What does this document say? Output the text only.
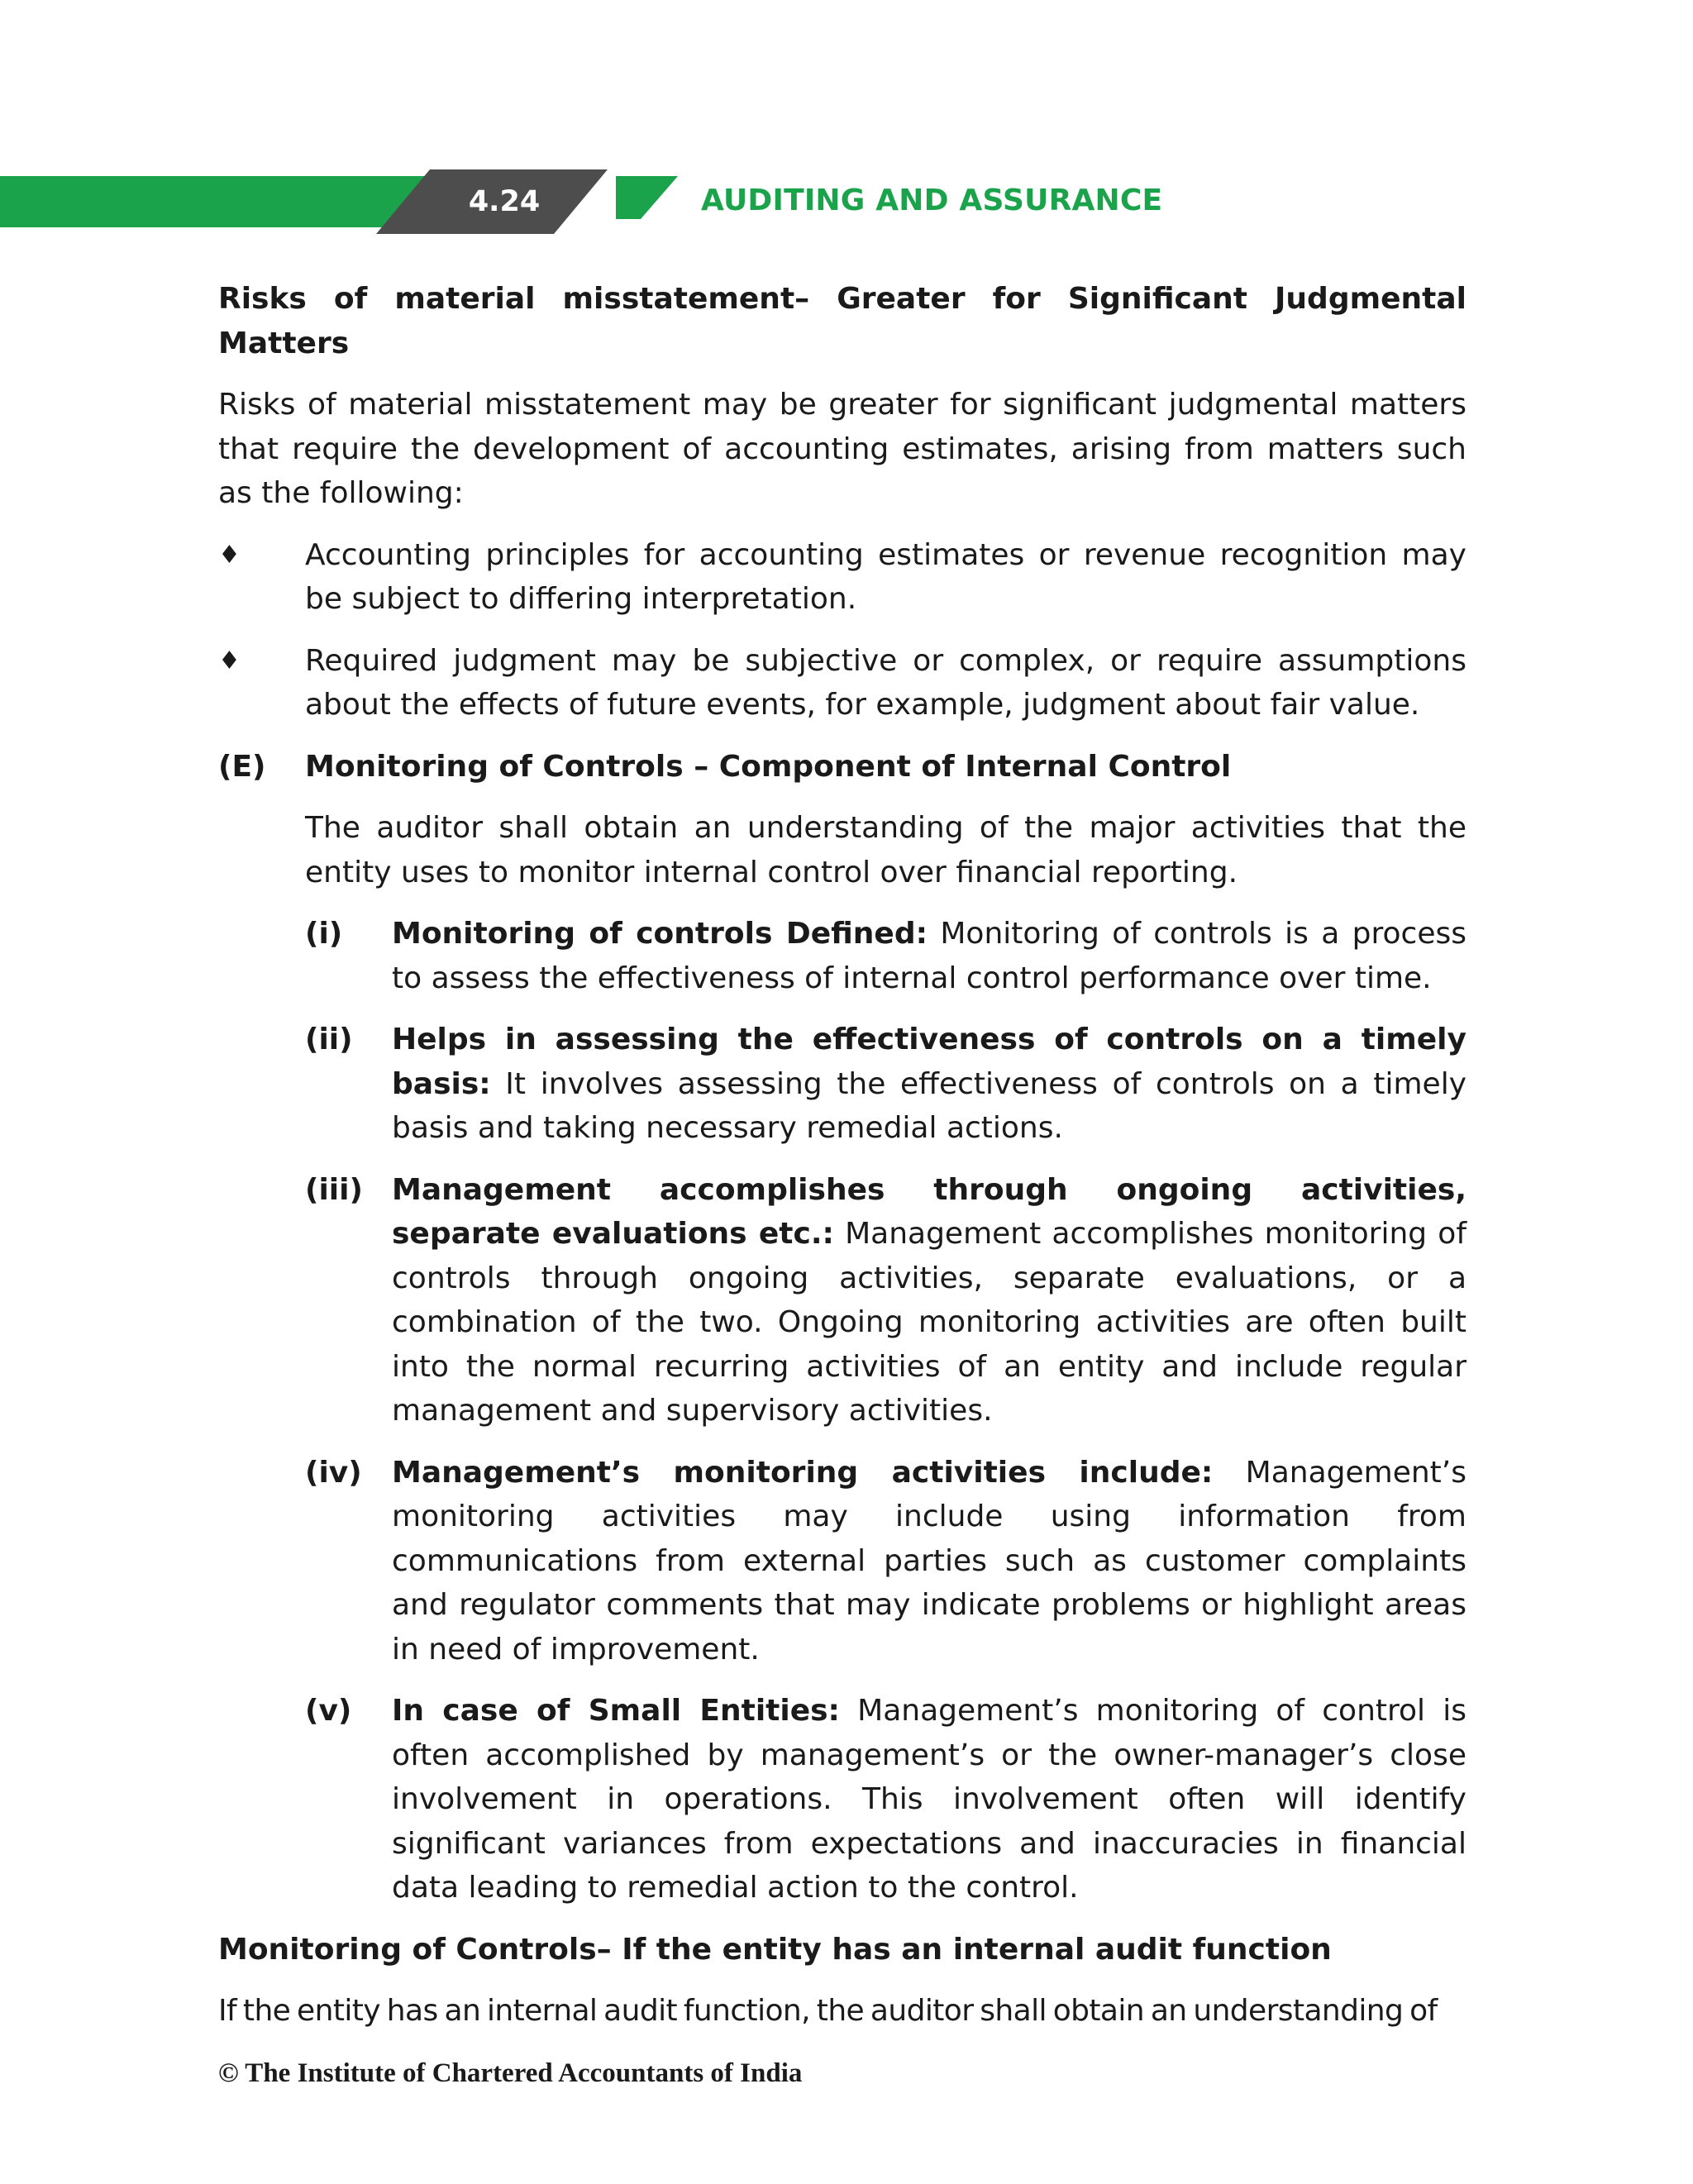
4.24	AUDITING AND ASSURANCE
Risks of material misstatement– Greater for Significant Judgmental Matters
Risks of material misstatement may be greater for significant judgmental matters that require the development of accounting estimates, arising from matters such as the following:
♦ Accounting principles for accounting estimates or revenue recognition may be subject to differing interpretation.
♦ Required judgment may be subjective or complex, or require assumptions about the effects of future events, for example, judgment about fair value.
(E) Monitoring of Controls – Component of Internal Control
The auditor shall obtain an understanding of the major activities that the entity uses to monitor internal control over financial reporting.
(i) Monitoring of controls Defined: Monitoring of controls is a process to assess the effectiveness of internal control performance over time.
(ii) Helps in assessing the effectiveness of controls on a timely basis: It involves assessing the effectiveness of controls on a timely basis and taking necessary remedial actions.
(iii) Management accomplishes through ongoing activities, separate evaluations etc.: Management accomplishes monitoring of controls through ongoing activities, separate evaluations, or a combination of the two. Ongoing monitoring activities are often built into the normal recurring activities of an entity and include regular management and supervisory activities.
(iv) Management’s monitoring activities include: Management’s monitoring activities may include using information from communications from external parties such as customer complaints and regulator comments that may indicate problems or highlight areas in need of improvement.
(v) In case of Small Entities: Management’s monitoring of control is often accomplished by management’s or the owner-manager’s close involvement in operations. This involvement often will identify significant variances from expectations and inaccuracies in financial data leading to remedial action to the control.
Monitoring of Controls– If the entity has an internal audit function
If the entity has an internal audit function, the auditor shall obtain an understanding of
© The Institute of Chartered Accountants of India
